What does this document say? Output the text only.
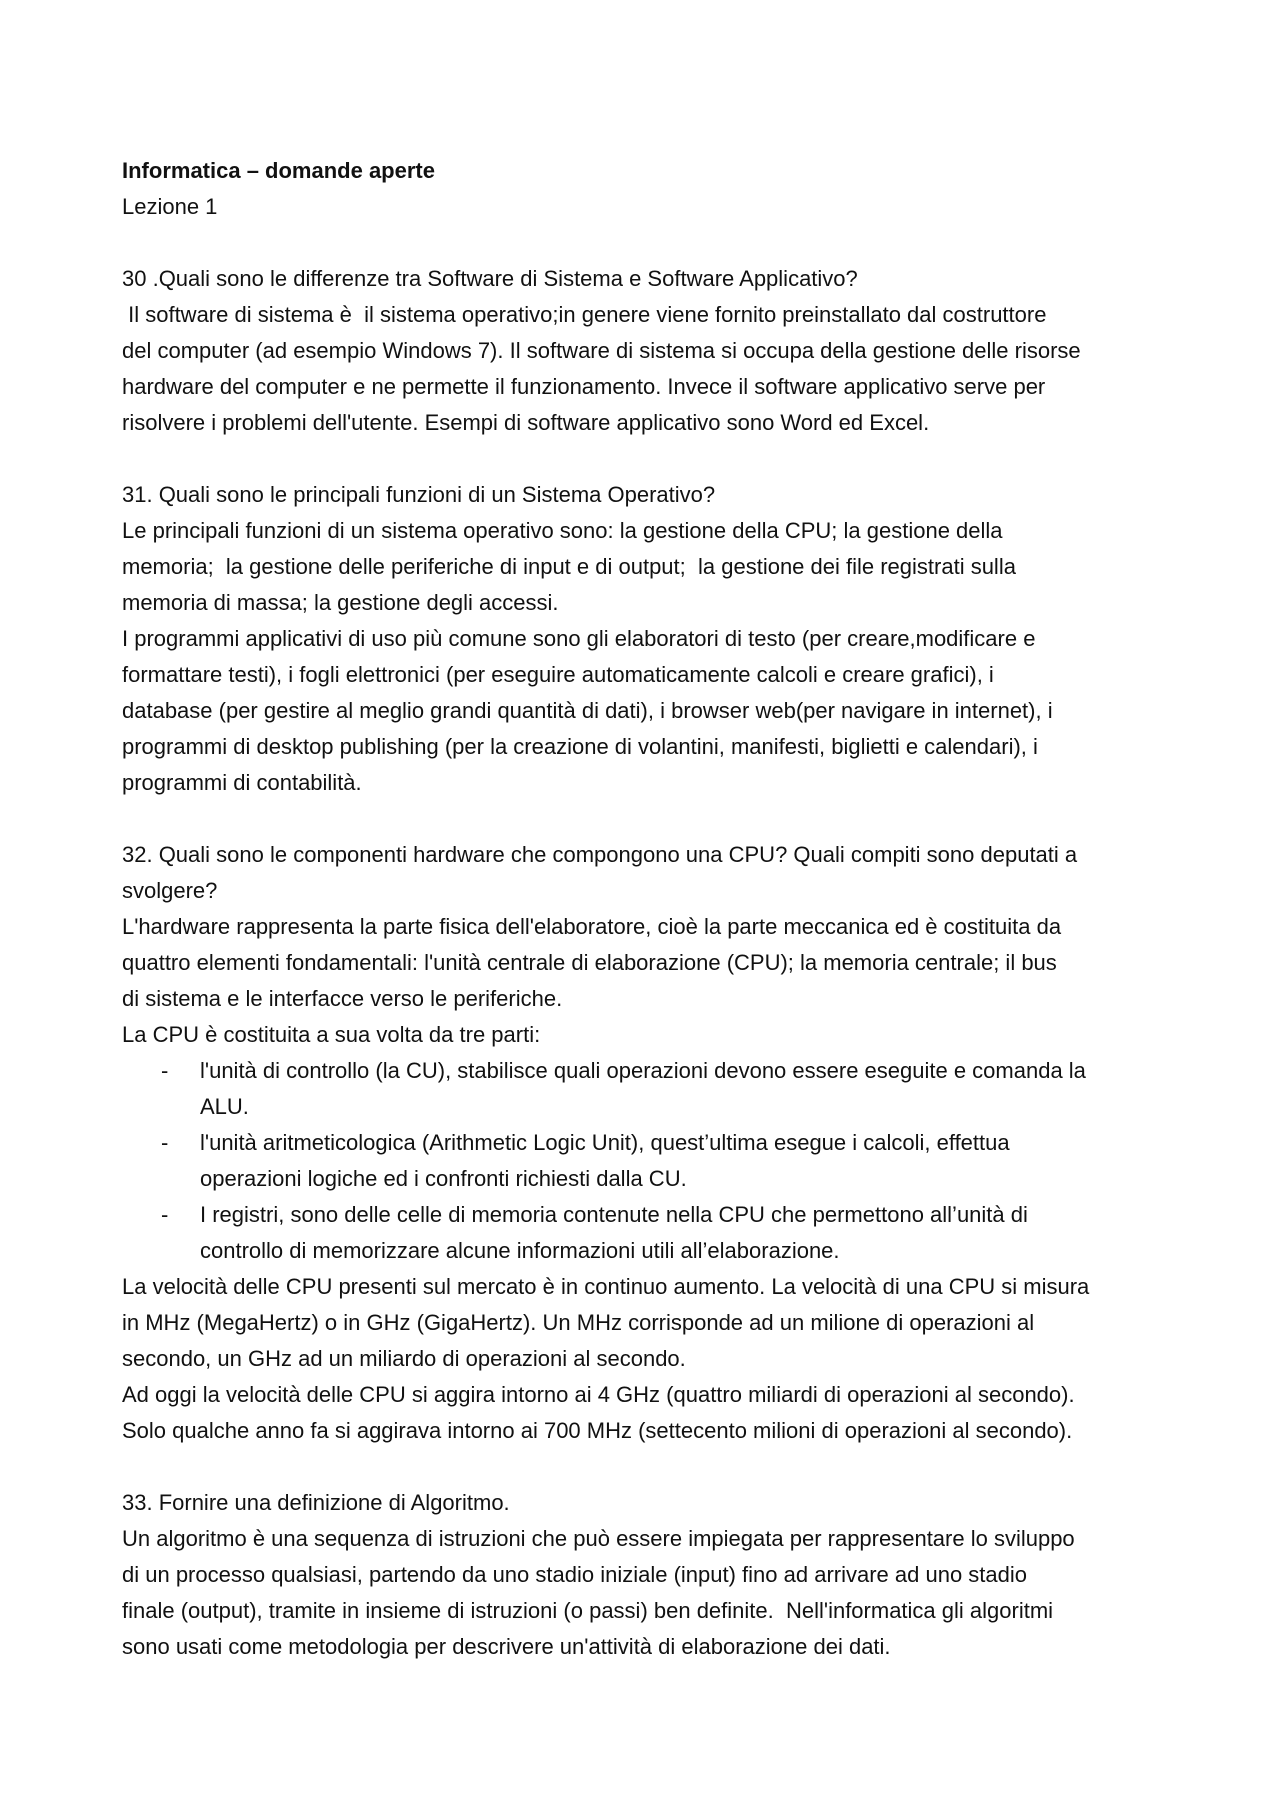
Informatica – domande aperte
Lezione 1
30 .Quali sono le differenze tra Software di Sistema e Software Applicativo?
Il software di sistema è  il sistema operativo;in genere viene fornito preinstallato dal costruttore
del computer (ad esempio Windows 7). Il software di sistema si occupa della gestione delle risorse
hardware del computer e ne permette il funzionamento. Invece il software applicativo serve per
risolvere i problemi dell'utente. Esempi di software applicativo sono Word ed Excel.
31. Quali sono le principali funzioni di un Sistema Operativo?
Le principali funzioni di un sistema operativo sono: la gestione della CPU; la gestione della
memoria;  la gestione delle periferiche di input e di output;  la gestione dei file registrati sulla
memoria di massa; la gestione degli accessi.
I programmi applicativi di uso più comune sono gli elaboratori di testo (per creare,modificare e
formattare testi), i fogli elettronici (per eseguire automaticamente calcoli e creare grafici), i
database (per gestire al meglio grandi quantità di dati), i browser web(per navigare in internet), i
programmi di desktop publishing (per la creazione di volantini, manifesti, biglietti e calendari), i
programmi di contabilità.
32. Quali sono le componenti hardware che compongono una CPU? Quali compiti sono deputati a
svolgere?
L'hardware rappresenta la parte fisica dell'elaboratore, cioè la parte meccanica ed è costituita da
quattro elementi fondamentali: l'unità centrale di elaborazione (CPU); la memoria centrale; il bus
di sistema e le interfacce verso le periferiche.
La CPU è costituita a sua volta da tre parti:
- l'unità di controllo (la CU), stabilisce quali operazioni devono essere eseguite e comanda la
ALU.
- l'unità aritmeticologica (Arithmetic Logic Unit), quest’ultima esegue i calcoli, effettua
operazioni logiche ed i confronti richiesti dalla CU.
- I registri, sono delle celle di memoria contenute nella CPU che permettono all’unità di
controllo di memorizzare alcune informazioni utili all’elaborazione.
La velocità delle CPU presenti sul mercato è in continuo aumento. La velocità di una CPU si misura
in MHz (MegaHertz) o in GHz (GigaHertz). Un MHz corrisponde ad un milione di operazioni al
secondo, un GHz ad un miliardo di operazioni al secondo.
Ad oggi la velocità delle CPU si aggira intorno ai 4 GHz (quattro miliardi di operazioni al secondo).
Solo qualche anno fa si aggirava intorno ai 700 MHz (settecento milioni di operazioni al secondo).
33. Fornire una definizione di Algoritmo.
Un algoritmo è una sequenza di istruzioni che può essere impiegata per rappresentare lo sviluppo
di un processo qualsiasi, partendo da uno stadio iniziale (input) fino ad arrivare ad uno stadio
finale (output), tramite in insieme di istruzioni (o passi) ben definite.  Nell'informatica gli algoritmi
sono usati come metodologia per descrivere un'attività di elaborazione dei dati.
